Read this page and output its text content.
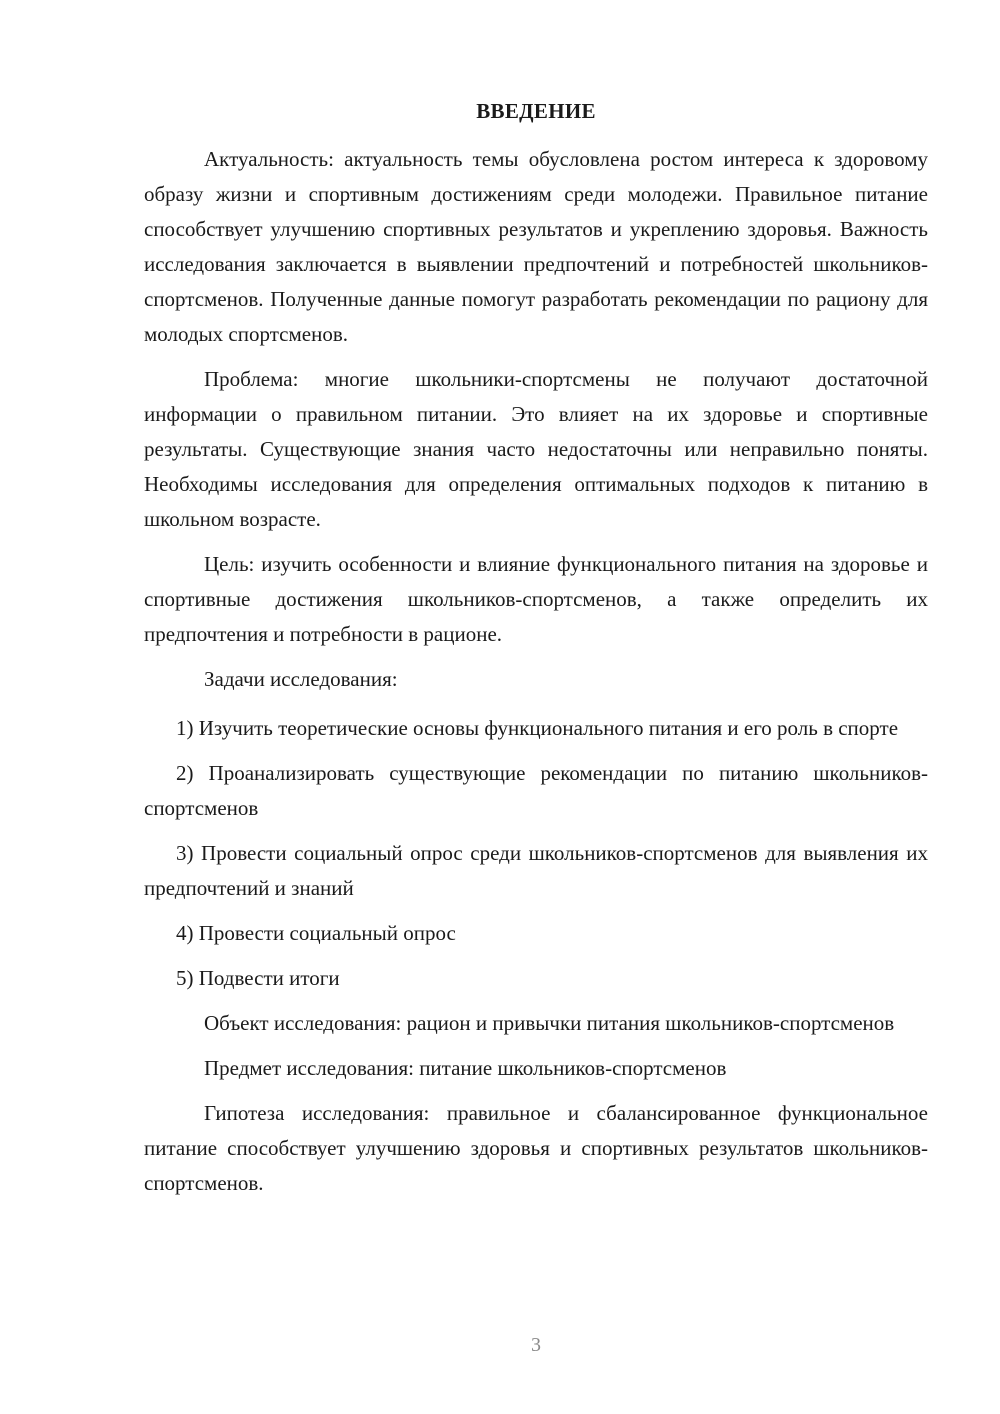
ВВЕДЕНИЕ

Актуальность: актуальность темы обусловлена ростом интереса к здоровому образу жизни и спортивным достижениям среди молодежи. Правильное питание способствует улучшению спортивных результатов и укреплению здоровья. Важность исследования заключается в выявлении предпочтений и потребностей школьников-спортсменов. Полученные данные помогут разработать рекомендации по рациону для молодых спортсменов.

Проблема: многие школьники-спортсмены не получают достаточной информации о правильном питании. Это влияет на их здоровье и спортивные результаты. Существующие знания часто недостаточны или неправильно поняты. Необходимы исследования для определения оптимальных подходов к питанию в школьном возрасте.

Цель: изучить особенности и влияние функционального питания на здоровье и спортивные достижения школьников-спортсменов, а также определить их предпочтения и потребности в рационе.

Задачи исследования:

1) Изучить теоретические основы функционального питания и его роль в спорте

2) Проанализировать существующие рекомендации по питанию школьников-спортсменов

3) Провести социальный опрос среди школьников-спортсменов для выявления их предпочтений и знаний

4) Провести социальный опрос

5) Подвести итоги

Объект исследования: рацион и привычки питания школьников-спортсменов

Предмет исследования: питание школьников-спортсменов

Гипотеза исследования: правильное и сбалансированное функциональное питание способствует улучшению здоровья и спортивных результатов школьников-спортсменов.

3
